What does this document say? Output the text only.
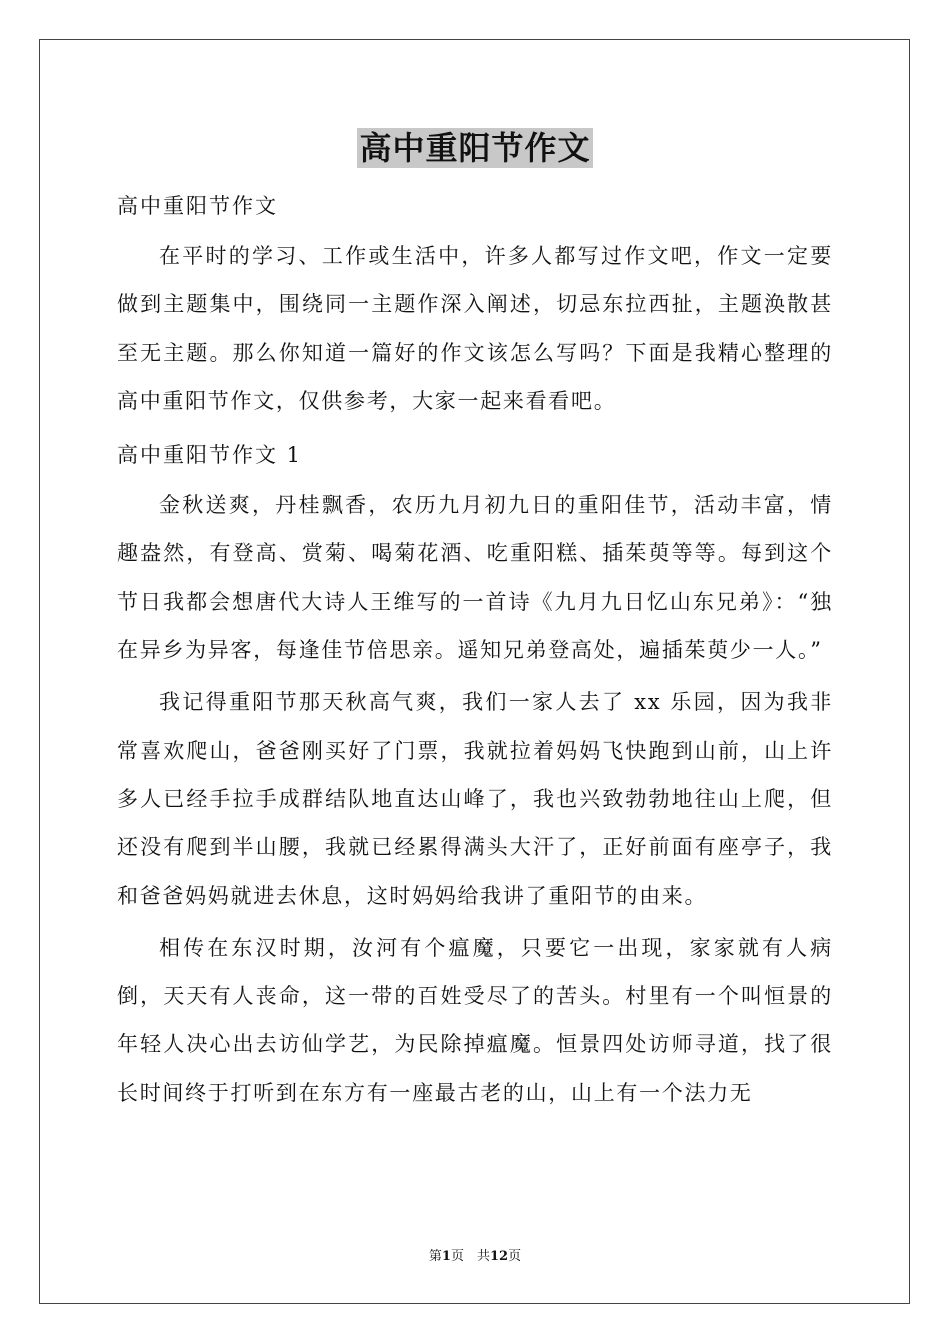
高中重阳节作文

高中重阳节作文

在平时的学习、工作或生活中，许多人都写过作文吧，作文一定要做到主题集中，围绕同一主题作深入阐述，切忌东拉西扯，主题涣散甚至无主题。那么你知道一篇好的作文该怎么写吗？下面是我精心整理的高中重阳节作文，仅供参考，大家一起来看看吧。

高中重阳节作文 1

金秋送爽，丹桂飘香，农历九月初九日的重阳佳节，活动丰富，情趣盎然，有登高、赏菊、喝菊花酒、吃重阳糕、插茱萸等等。每到这个节日我都会想唐代大诗人王维写的一首诗《九月九日忆山东兄弟》：“独在异乡为异客，每逢佳节倍思亲。遥知兄弟登高处，遍插茱萸少一人。”

我记得重阳节那天秋高气爽，我们一家人去了 xx 乐园，因为我非常喜欢爬山，爸爸刚买好了门票，我就拉着妈妈飞快跑到山前，山上许多人已经手拉手成群结队地直达山峰了，我也兴致勃勃地往山上爬，但还没有爬到半山腰，我就已经累得满头大汗了，正好前面有座亭子，我和爸爸妈妈就进去休息，这时妈妈给我讲了重阳节的由来。

相传在东汉时期，汝河有个瘟魔，只要它一出现，家家就有人病倒，天天有人丧命，这一带的百姓受尽了的苦头。村里有一个叫恒景的年轻人决心出去访仙学艺，为民除掉瘟魔。恒景四处访师寻道，找了很长时间终于打听到在东方有一座最古老的山，山上有一个法力无

第1页　共12页
